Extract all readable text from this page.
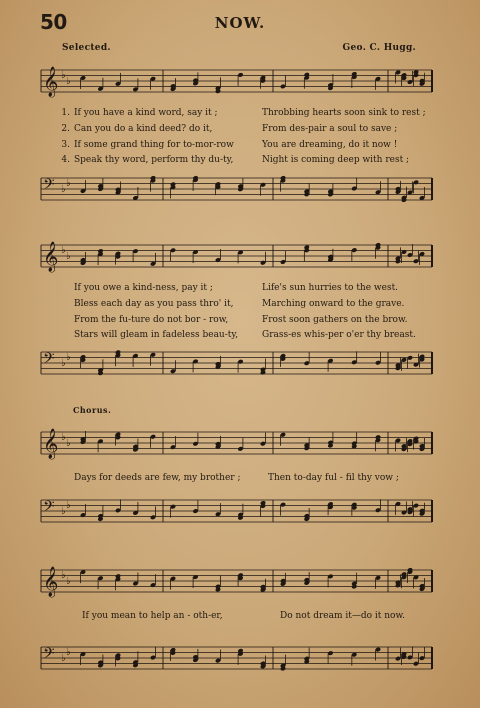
50	NOW.
Selected.	Geo. C. Hugg.
𝄞 ♭
♭
1. If you have a kind word, say it ;	Throbbing hearts soon sink to rest ;
2. Can you do a kind deed? do it,	From des-pair a soul to save ;
3. If some grand thing for to-mor-row	You are dreaming, do it now !
4. Speak thy word, perform thy du-ty,	Night is coming deep with rest ;
𝄢 ♭
♭
𝄞 ♭
♭
If you owe a kind-ness, pay it ;	Life's sun hurries to the west.
Bless each day as you pass thro' it,	Marching onward to the grave.
From the fu-ture do not bor - row,	Frost soon gathers on the brow.
Stars will gleam in fadeless beau-ty,	Grass-es whis-per o'er thy breast.
𝄢 ♭
♭
Chorus.
𝄞 ♭
♭
Days for deeds are few, my brother ;	Then to-day ful - fil thy vow ;
𝄢 ♭
♭
𝄞 ♭
♭
If you mean to help an - oth-er,	Do not dream it—do it now.
𝄢 ♭
♭
